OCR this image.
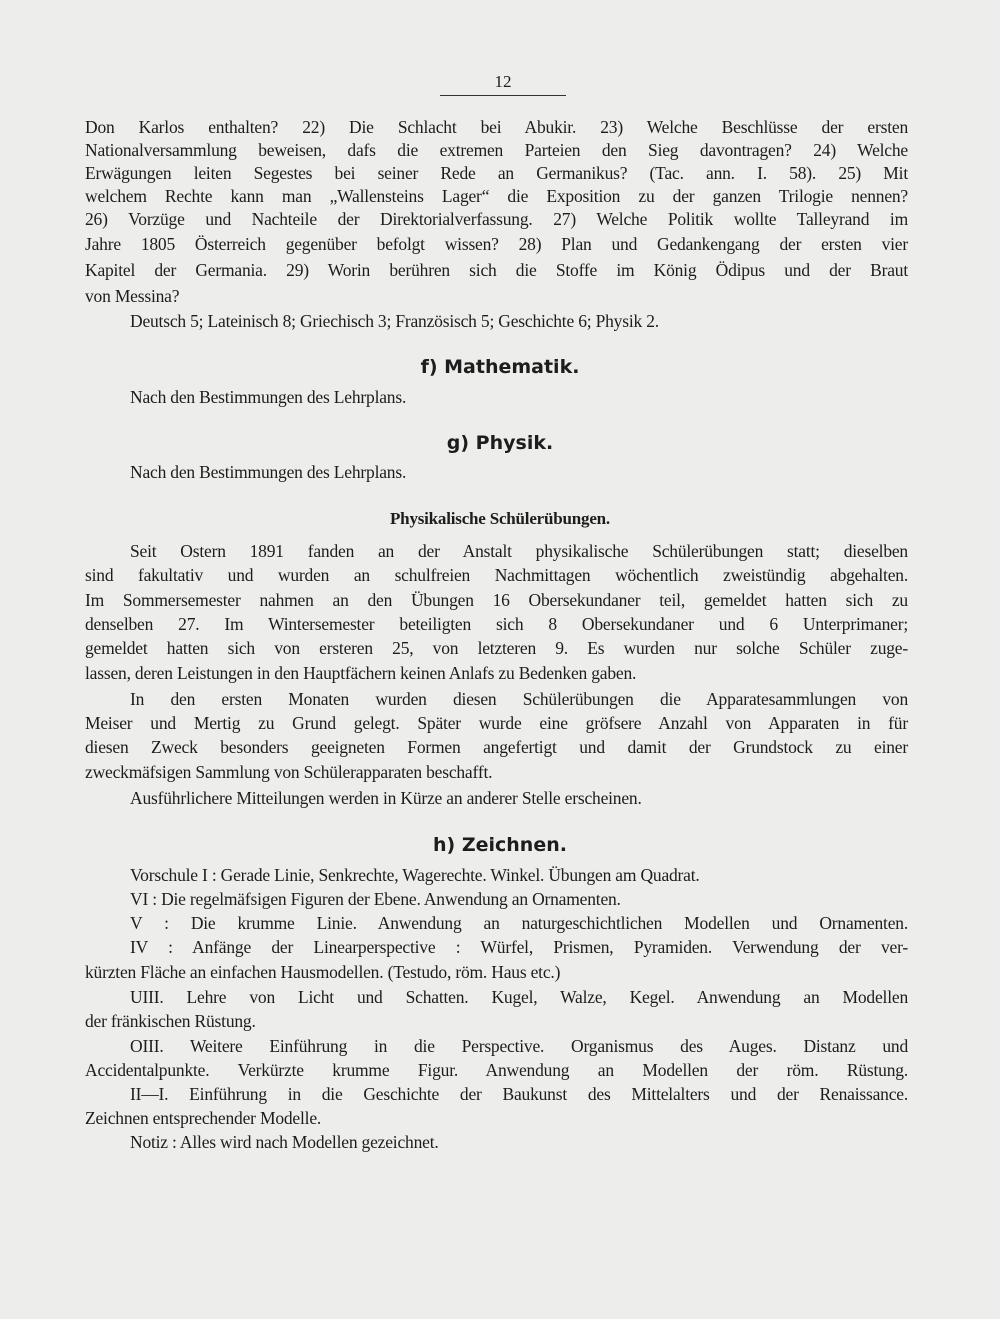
12
Don Karlos enthalten? 22) Die Schlacht bei Abukir. 23) Welche Beschlüsse der ersten
Nationalversammlung beweisen, dafs die extremen Parteien den Sieg davontragen? 24) Welche
Erwägungen leiten Segestes bei seiner Rede an Germanikus? (Tac. ann. I. 58). 25) Mit
welchem Rechte kann man „Wallensteins Lager“ die Exposition zu der ganzen Trilogie nennen?
26) Vorzüge und Nachteile der Direktorialverfassung. 27) Welche Politik wollte Talleyrand im
Jahre 1805 Österreich gegenüber befolgt wissen? 28) Plan und Gedankengang der ersten vier
Kapitel der Germania. 29) Worin berühren sich die Stoffe im König Ödipus und der Braut
von Messina?
Deutsch 5; Lateinisch 8; Griechisch 3; Französisch 5; Geschichte 6; Physik 2.
f) Mathematik.
Nach den Bestimmungen des Lehrplans.
g) Physik.
Nach den Bestimmungen des Lehrplans.
Physikalische Schülerübungen.
Seit Ostern 1891 fanden an der Anstalt physikalische Schülerübungen statt; dieselben
sind fakultativ und wurden an schulfreien Nachmittagen wöchentlich zweistündig abgehalten.
Im Sommersemester nahmen an den Übungen 16 Obersekundaner teil, gemeldet hatten sich zu
denselben 27. Im Wintersemester beteiligten sich 8 Obersekundaner und 6 Unterprimaner;
gemeldet hatten sich von ersteren 25, von letzteren 9. Es wurden nur solche Schüler zuge-
lassen, deren Leistungen in den Hauptfächern keinen Anlafs zu Bedenken gaben.
In den ersten Monaten wurden diesen Schülerübungen die Apparatesammlungen von
Meiser und Mertig zu Grund gelegt. Später wurde eine gröfsere Anzahl von Apparaten in für
diesen Zweck besonders geeigneten Formen angefertigt und damit der Grundstock zu einer
zweckmäfsigen Sammlung von Schülerapparaten beschafft.
Ausführlichere Mitteilungen werden in Kürze an anderer Stelle erscheinen.
h) Zeichnen.
Vorschule I : Gerade Linie, Senkrechte, Wagerechte. Winkel. Übungen am Quadrat.
VI : Die regelmäfsigen Figuren der Ebene. Anwendung an Ornamenten.
V : Die krumme Linie. Anwendung an naturgeschichtlichen Modellen und Ornamenten.
IV : Anfänge der Linearperspective : Würfel, Prismen, Pyramiden. Verwendung der ver-
kürzten Fläche an einfachen Hausmodellen. (Testudo, röm. Haus etc.)
UIII. Lehre von Licht und Schatten. Kugel, Walze, Kegel. Anwendung an Modellen
der fränkischen Rüstung.
OIII. Weitere Einführung in die Perspective. Organismus des Auges. Distanz und
Accidentalpunkte. Verkürzte krumme Figur. Anwendung an Modellen der röm. Rüstung.
II—I. Einführung in die Geschichte der Baukunst des Mittelalters und der Renaissance.
Zeichnen entsprechender Modelle.
Notiz : Alles wird nach Modellen gezeichnet.
